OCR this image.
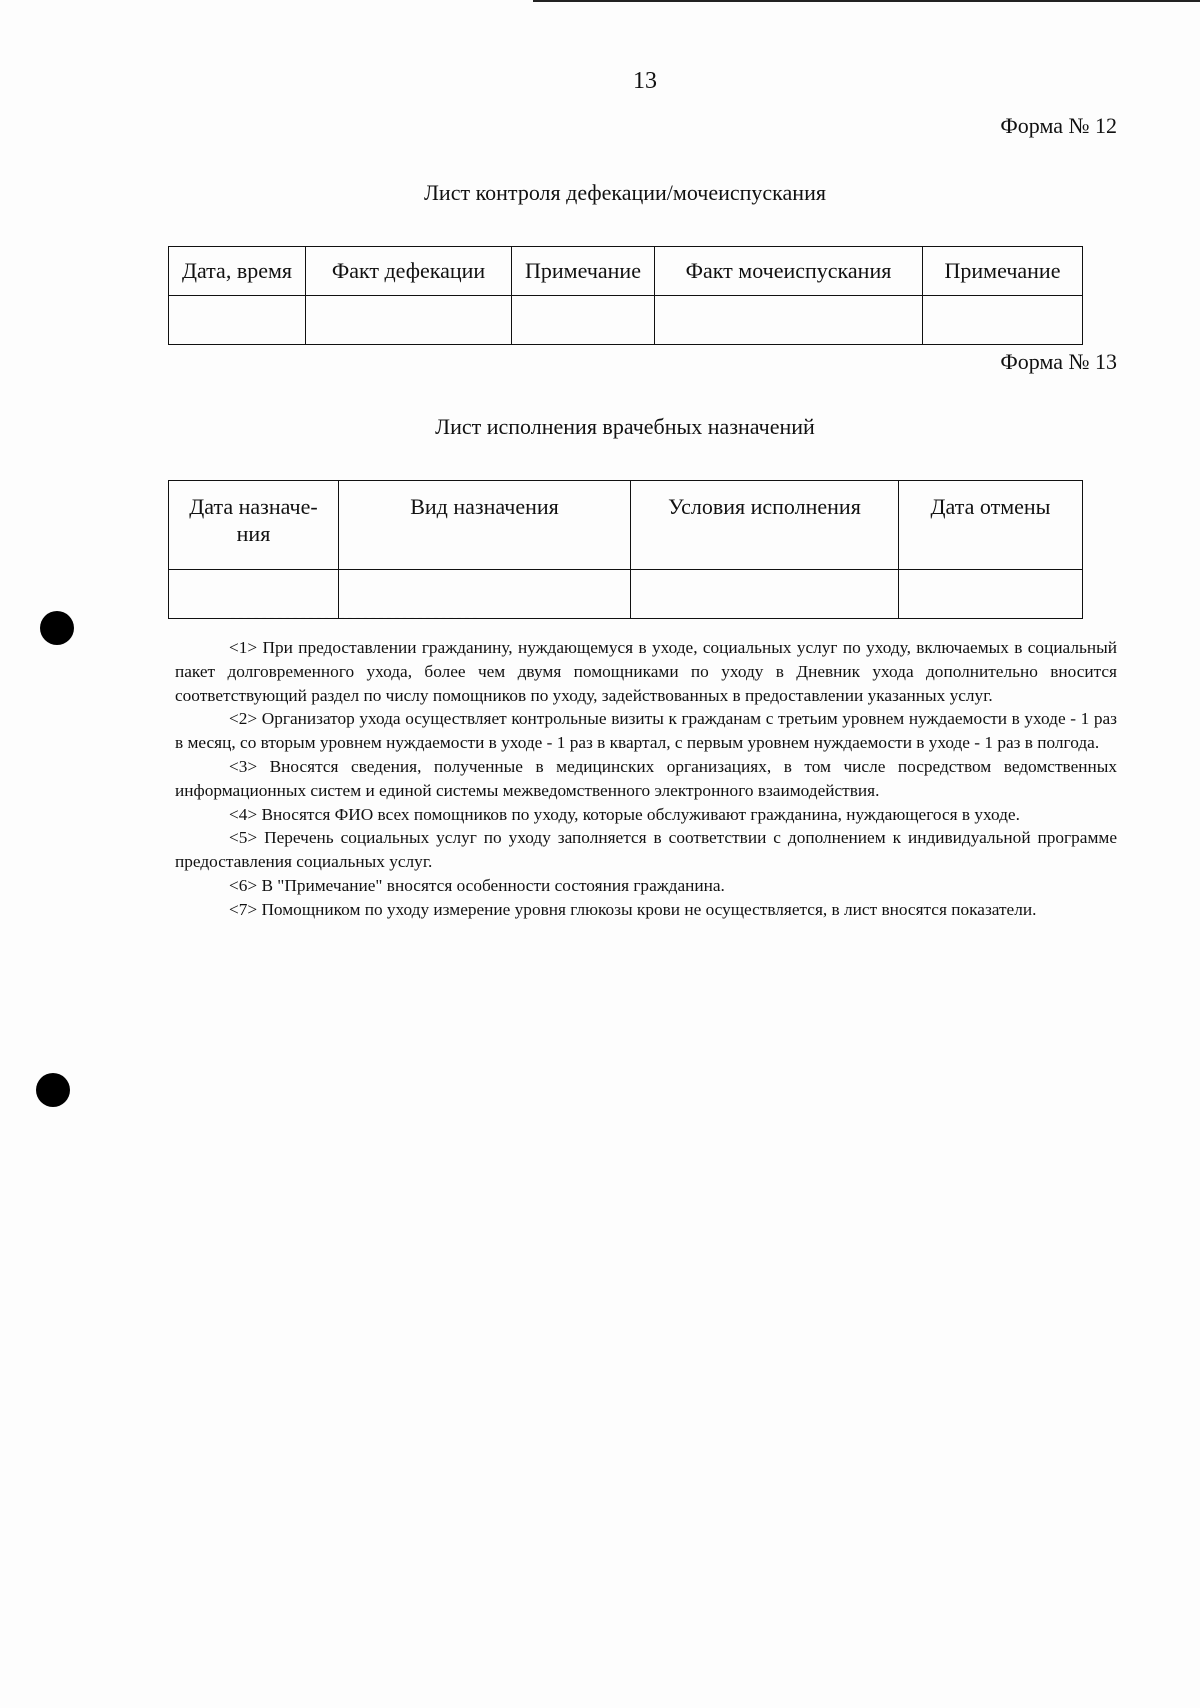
13
Форма № 12
Лист контроля дефекации/мочеиспускания
Дата, время	Факт дефекации	Примечание	Факт мочеиспускания	Примечание

Форма № 13
Лист исполнения врачебных назначений
Дата назначе-ния	Вид назначения	Условия исполнения	Дата отмены

--------------------------------

<1> При предоставлении гражданину, нуждающемуся в уходе, социальных услуг по уходу, включаемых в социальный пакет долговременного ухода, более чем двумя помощниками по уходу в Дневник ухода дополнительно вносится соответствующий раздел по числу помощников по уходу, задействованных в предоставлении указанных услуг.

<2> Организатор ухода осуществляет контрольные визиты к гражданам с третьим уровнем нуждаемости в уходе - 1 раз в месяц, со вторым уровнем нуждаемости в уходе - 1 раз в квартал, с первым уровнем нуждаемости в уходе - 1 раз в полгода.

<3> Вносятся сведения, полученные в медицинских организациях, в том числе посредством ведомственных информационных систем и единой системы межведомственного электронного взаимодействия.

<4> Вносятся ФИО всех помощников по уходу, которые обслуживают гражданина, нуждающегося в уходе.

<5> Перечень социальных услуг по уходу заполняется в соответствии с дополнением к индивидуальной программе предоставления социальных услуг.

<6> В "Примечание" вносятся особенности состояния гражданина.

<7> Помощником по уходу измерение уровня глюкозы крови не осуществляется, в лист вносятся показатели.
